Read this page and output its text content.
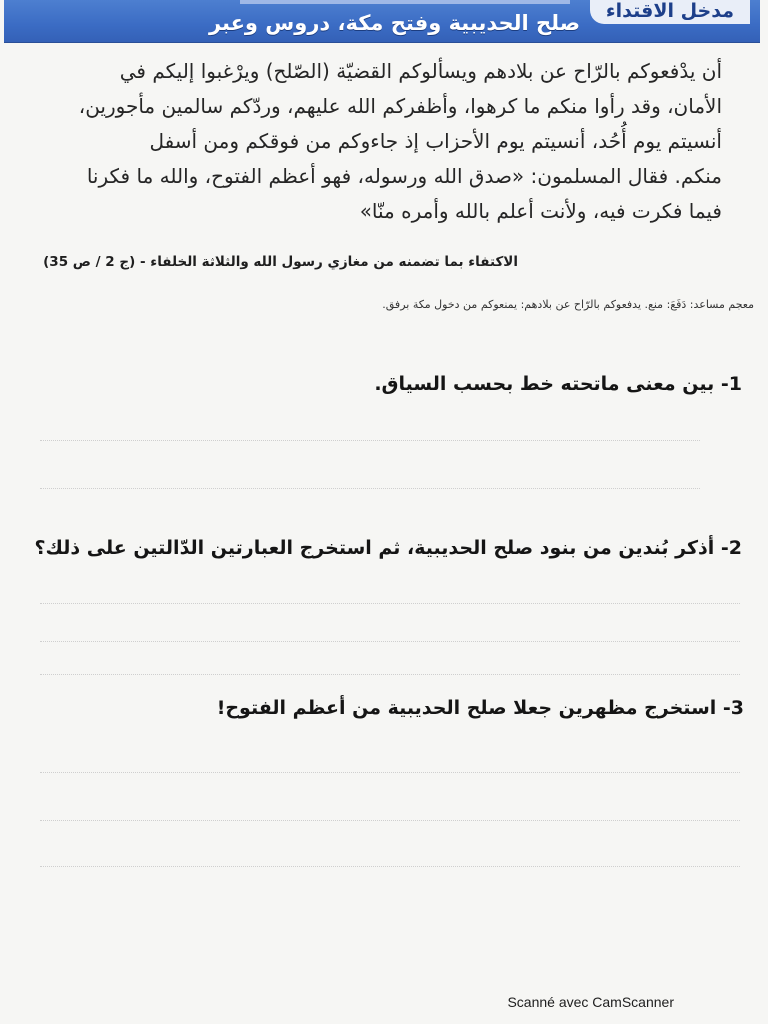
مدخل الاقتداء
صلح الحديبية وفتح مكة، دروس وعبر

أن يدْفعوكم بالرّاح عن بلادهم ويسألوكم القضيّة (الصّلح) ويرْغبوا إليكم في

الأمان، وقد رأوا منكم ما كرهوا، وأظفركم الله عليهم، وردّكم سالمين مأجورين،

أنسيتم يوم أُحُد، أنسيتم يوم الأحزاب إذ جاءوكم من فوقكم ومن أسفل

منكم. فقال المسلمون: «صدق الله ورسوله، فهو أعظم الفتوح، والله ما فكرنا

فيما فكرت فيه، ولأنت أعلم بالله وأمره منّا»

الاكتفاء بما تضمنه من مغازي رسول الله والثلاثة الخلفاء - (ج 2 / ص 35)
معجم مساعد: دَفَعَ: منع. يدفعوكم بالرّاح عن بلادهم: يمنعوكم من دخول مكة برفق.
1- بين معنى ماتحته خط بحسب السياق.
2- أذكر بُندين من بنود صلح الحديبية، ثم استخرج العبارتين الدّالتين على ذلك؟
3- استخرج مظهرين جعلا صلح الحديبية من أعظم الفتوح!
Scanné avec CamScanner
